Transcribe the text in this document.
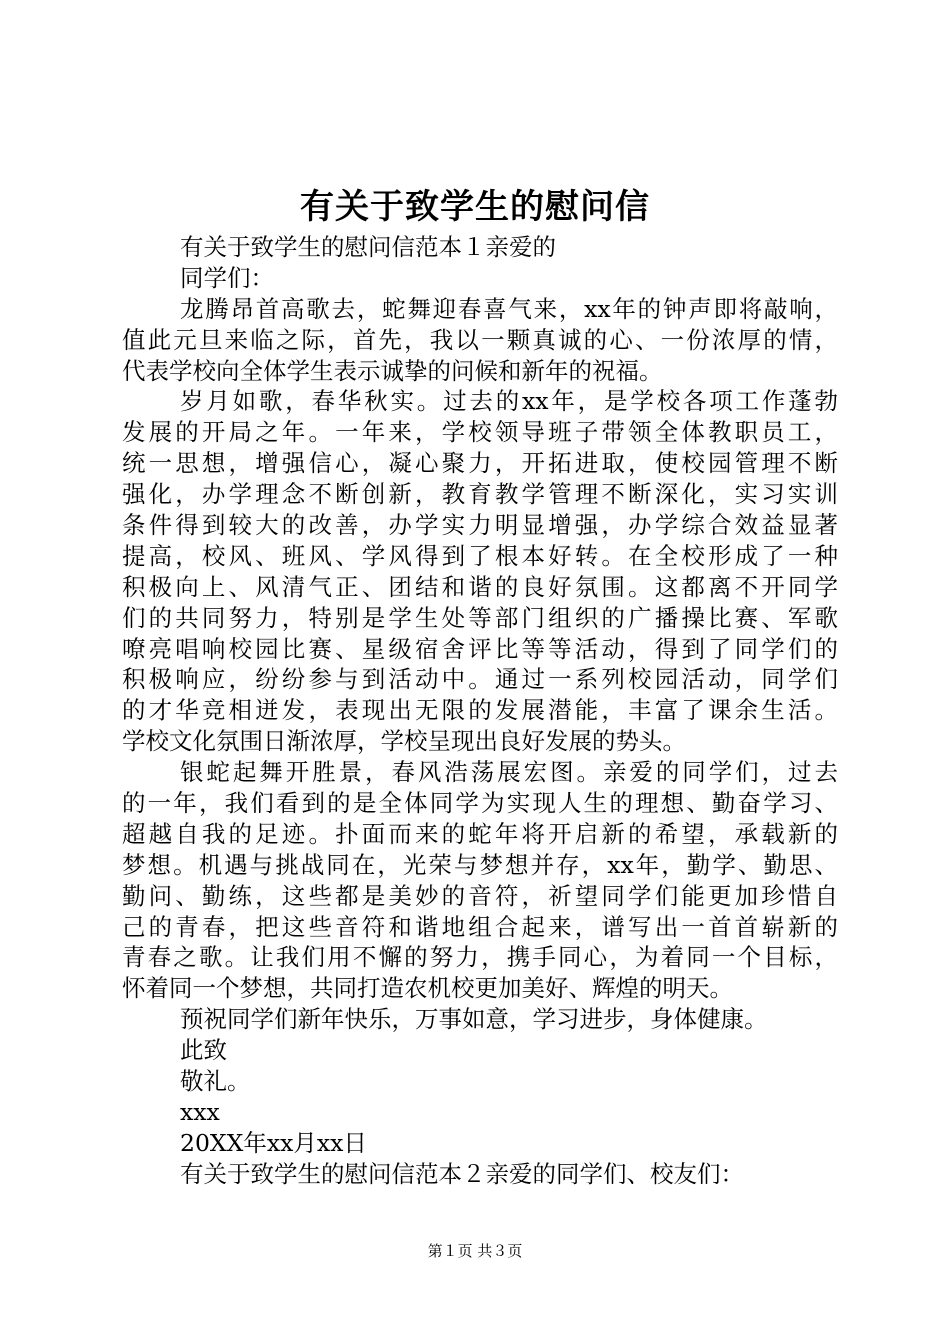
有关于致学生的慰问信
有关于致学生的慰问信范本１亲爱的
同学们：
龙腾昂首高歌去，蛇舞迎春喜气来，xx年的钟声即将敲响，
值此元旦来临之际，首先，我以一颗真诚的心、一份浓厚的情，
代表学校向全体学生表示诚挚的问候和新年的祝福。
岁月如歌，春华秋实。过去的xx年，是学校各项工作蓬勃
发展的开局之年。一年来，学校领导班子带领全体教职员工，
统一思想，增强信心，凝心聚力，开拓进取，使校园管理不断
强化，办学理念不断创新，教育教学管理不断深化，实习实训
条件得到较大的改善，办学实力明显增强，办学综合效益显著
提高，校风、班风、学风得到了根本好转。在全校形成了一种
积极向上、风清气正、团结和谐的良好氛围。这都离不开同学
们的共同努力，特别是学生处等部门组织的广播操比赛、军歌
嘹亮唱响校园比赛、星级宿舍评比等等活动，得到了同学们的
积极响应，纷纷参与到活动中。通过一系列校园活动，同学们
的才华竞相迸发，表现出无限的发展潜能，丰富了课余生活。
学校文化氛围日渐浓厚，学校呈现出良好发展的势头。
银蛇起舞开胜景，春风浩荡展宏图。亲爱的同学们，过去
的一年，我们看到的是全体同学为实现人生的理想、勤奋学习、
超越自我的足迹。扑面而来的蛇年将开启新的希望，承载新的
梦想。机遇与挑战同在，光荣与梦想并存，xx年，勤学、勤思、
勤问、勤练，这些都是美妙的音符，祈望同学们能更加珍惜自
己的青春，把这些音符和谐地组合起来，谱写出一首首崭新的
青春之歌。让我们用不懈的努力，携手同心，为着同一个目标，
怀着同一个梦想，共同打造农机校更加美好、辉煌的明天。
预祝同学们新年快乐，万事如意，学习进步，身体健康。
此致
敬礼。
xxx
20XX年xx月xx日
有关于致学生的慰问信范本２亲爱的同学们、校友们：
第１页 共３页
